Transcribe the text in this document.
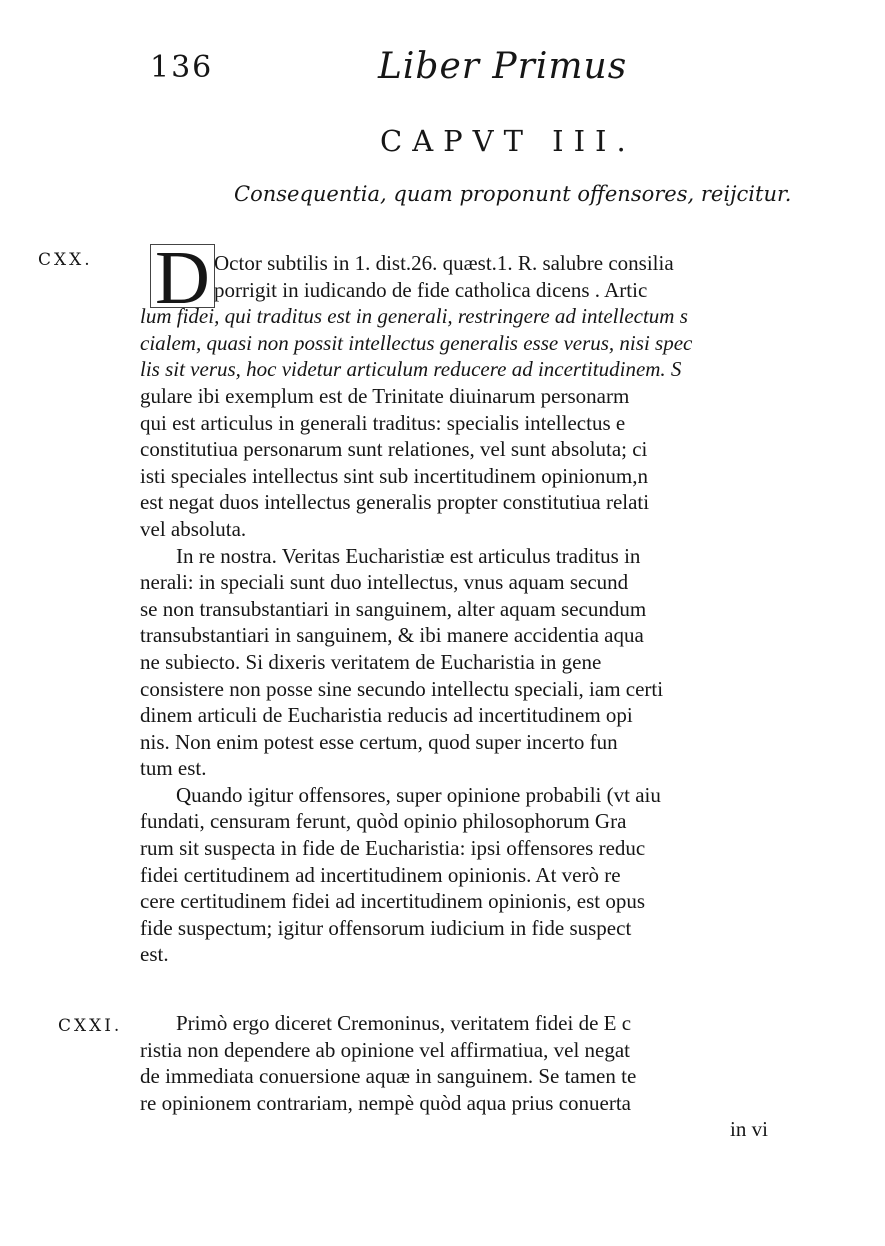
136	Liber Primus
CAPVT III.
Consequentia, quam proponunt offensores, reijcitur.
CXX.
CXXI.
D Octor subtilis in 1. dist.26. quæst.1. R. salubre consilia
porrigit in iudicando de fide catholica dicens . Artic
lum fidei, qui traditus est in generali, restringere ad intellectum s
cialem, quasi non possit intellectus generalis esse verus, nisi spec
lis sit verus, hoc videtur articulum reducere ad incertitudinem. S
gulare ibi exemplum est de Trinitate diuinarum personarm
qui est articulus in generali traditus: specialis intellectus e
constitutiua personarum sunt relationes, vel sunt absoluta; ci
isti speciales intellectus sint sub incertitudinem opinionum,n
est negat duos intellectus generalis propter constitutiua relati
vel absoluta.
In re nostra. Veritas Eucharistiæ est articulus traditus in
nerali: in speciali sunt duo intellectus, vnus aquam secund
se non transubstantiari in sanguinem, alter aquam secundum
transubstantiari in sanguinem, & ibi manere accidentia aqua
ne subiecto. Si dixeris veritatem de Eucharistia in gene
consistere non posse sine secundo intellectu speciali, iam certi
dinem articuli de Eucharistia reducis ad incertitudinem opi
nis. Non enim potest esse certum, quod super incerto fun
tum est.
Quando igitur offensores, super opinione probabili (vt aiu
fundati, censuram ferunt, quòd opinio philosophorum Gra
rum sit suspecta in fide de Eucharistia: ipsi offensores reduc
fidei certitudinem ad incertitudinem opinionis. At verò re
cere certitudinem fidei ad incertitudinem opinionis, est opus
fide suspectum; igitur offensorum iudicium in fide suspect
est.
Primò ergo diceret Cremoninus, veritatem fidei de E c
ristia non dependere ab opinione vel affirmatiua, vel negat
de immediata conuersione aquæ in sanguinem. Se tamen te
re opinionem contrariam, nempè quòd aqua prius conuerta
in vi
